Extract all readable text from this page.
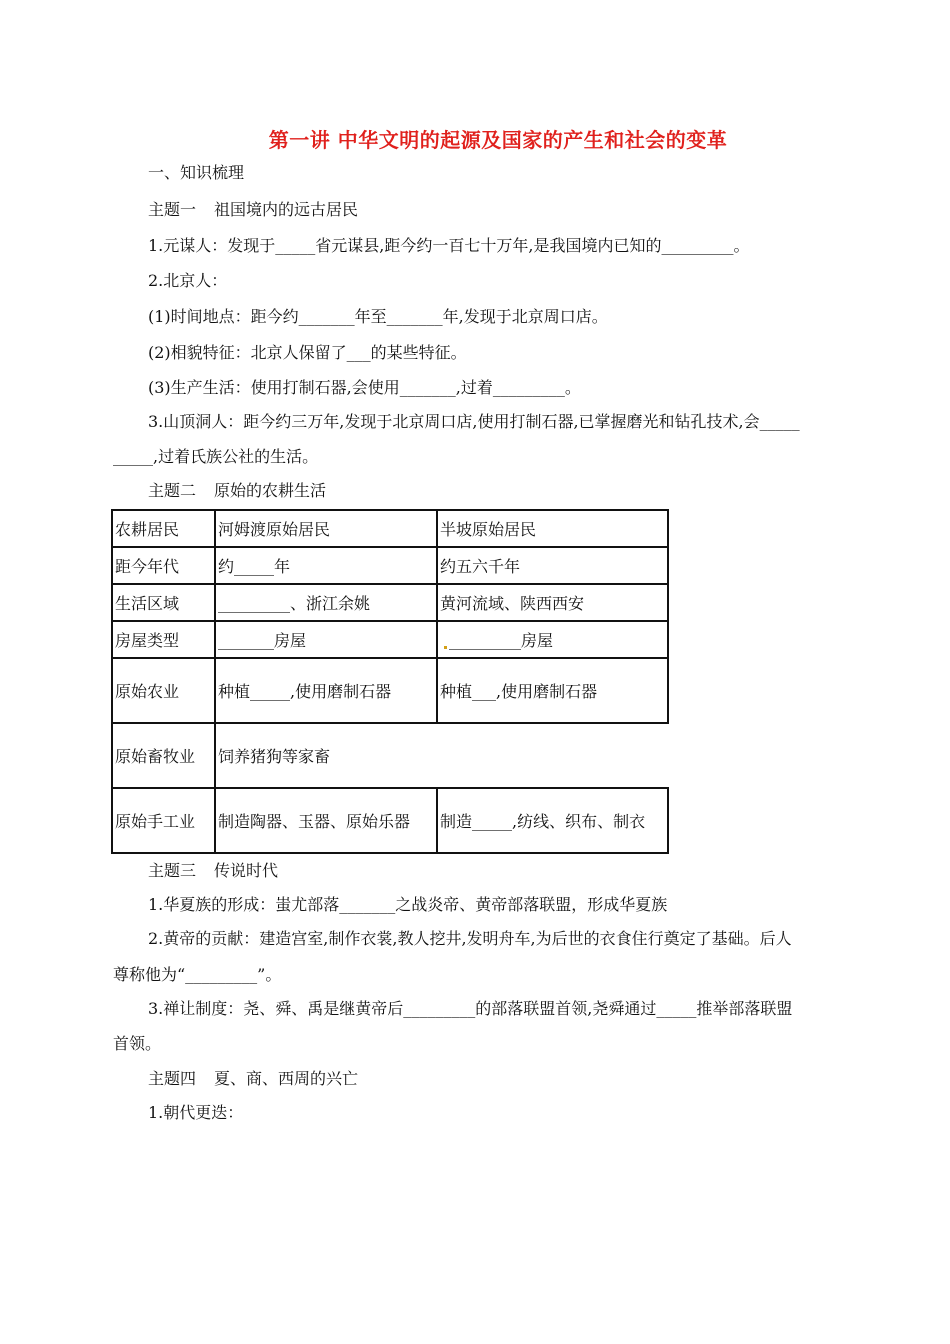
第一讲 中华文明的起源及国家的产生和社会的变革
一、知识梳理
主题一 祖国境内的远古居民
1.元谋人：发现于_____省元谋县,距今约一百七十万年,是我国境内已知的_________。
2.北京人：
(1)时间地点：距今约_______年至_______年,发现于北京周口店。
(2)相貌特征：北京人保留了___的某些特征。
(3)生产生活：使用打制石器,会使用_______,过着_________。
3.山顶洞人：距今约三万年,发现于北京周口店,使用打制石器,已掌握磨光和钻孔技术,会_____
_____,过着氏族公社的生活。
主题二 原始的农耕生活
农耕居民	河姆渡原始居民	半坡原始居民
距今年代	约_____年	约五六千年
生活区域	_________、浙江余姚	黄河流域、陕西西安
房屋类型	_______房屋	_________房屋
原始农业	种植_____,使用磨制石器	种植___,使用磨制石器
原始畜牧业	饲养猪狗等家畜	
原始手工业	制造陶器、玉器、原始乐器	制造_____,纺线、织布、制衣
主题三 传说时代
1.华夏族的形成：蚩尤部落_______之战炎帝、黄帝部落联盟，形成华夏族
2.黄帝的贡献：建造宫室,制作衣裳,教人挖井,发明舟车,为后世的衣食住行奠定了基础。后人
尊称他为“_________”。
3.禅让制度：尧、舜、禹是继黄帝后_________的部落联盟首领,尧舜通过_____推举部落联盟
首领。
主题四 夏、商、西周的兴亡
1.朝代更迭：
